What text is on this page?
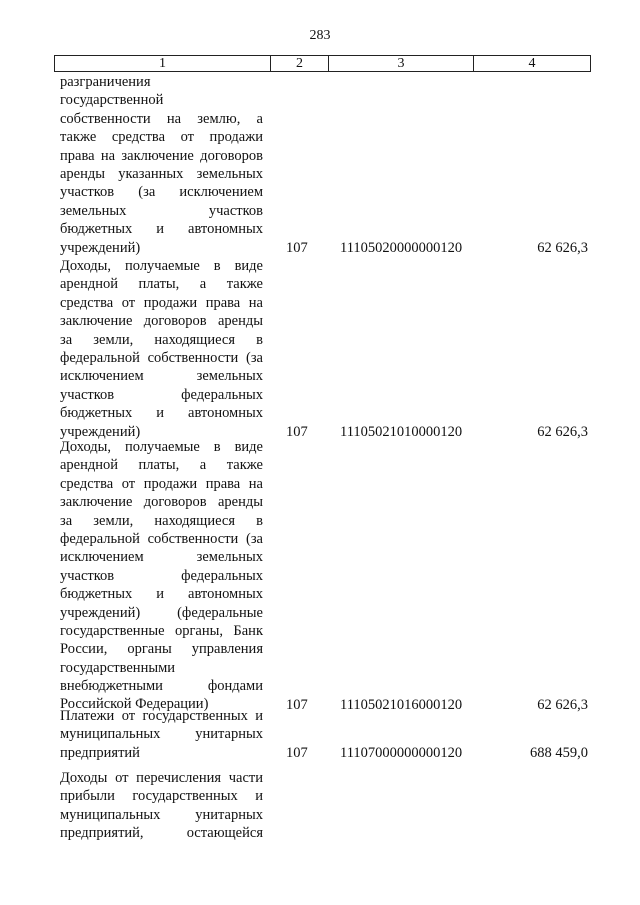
283
1	2	3	4
разграничения
государственной
собственности на землю, а
также средства от продажи
права на заключение договоров
аренды указанных земельных
участков (за исключением
земельных участков
бюджетных и автономных
учреждений)	107	11105020000000120	62 626,3
Доходы, получаемые в виде
арендной платы, а также
средства от продажи права на
заключение договоров аренды
за земли, находящиеся в
федеральной собственности (за
исключением земельных
участков федеральных
бюджетных и автономных
учреждений)	107	11105021010000120	62 626,3
Доходы, получаемые в виде
арендной платы, а также
средства от продажи права на
заключение договоров аренды
за земли, находящиеся в
федеральной собственности (за
исключением земельных
участков федеральных
бюджетных и автономных
учреждений) (федеральные
государственные органы, Банк
России, органы управления
государственными
внебюджетными фондами
Российской Федерации)	107	11105021016000120	62 626,3
Платежи от государственных и
муниципальных унитарных
предприятий	107	11107000000000120	688 459,0
Доходы от перечисления части
прибыли государственных и
муниципальных унитарных
предприятий, остающейся
